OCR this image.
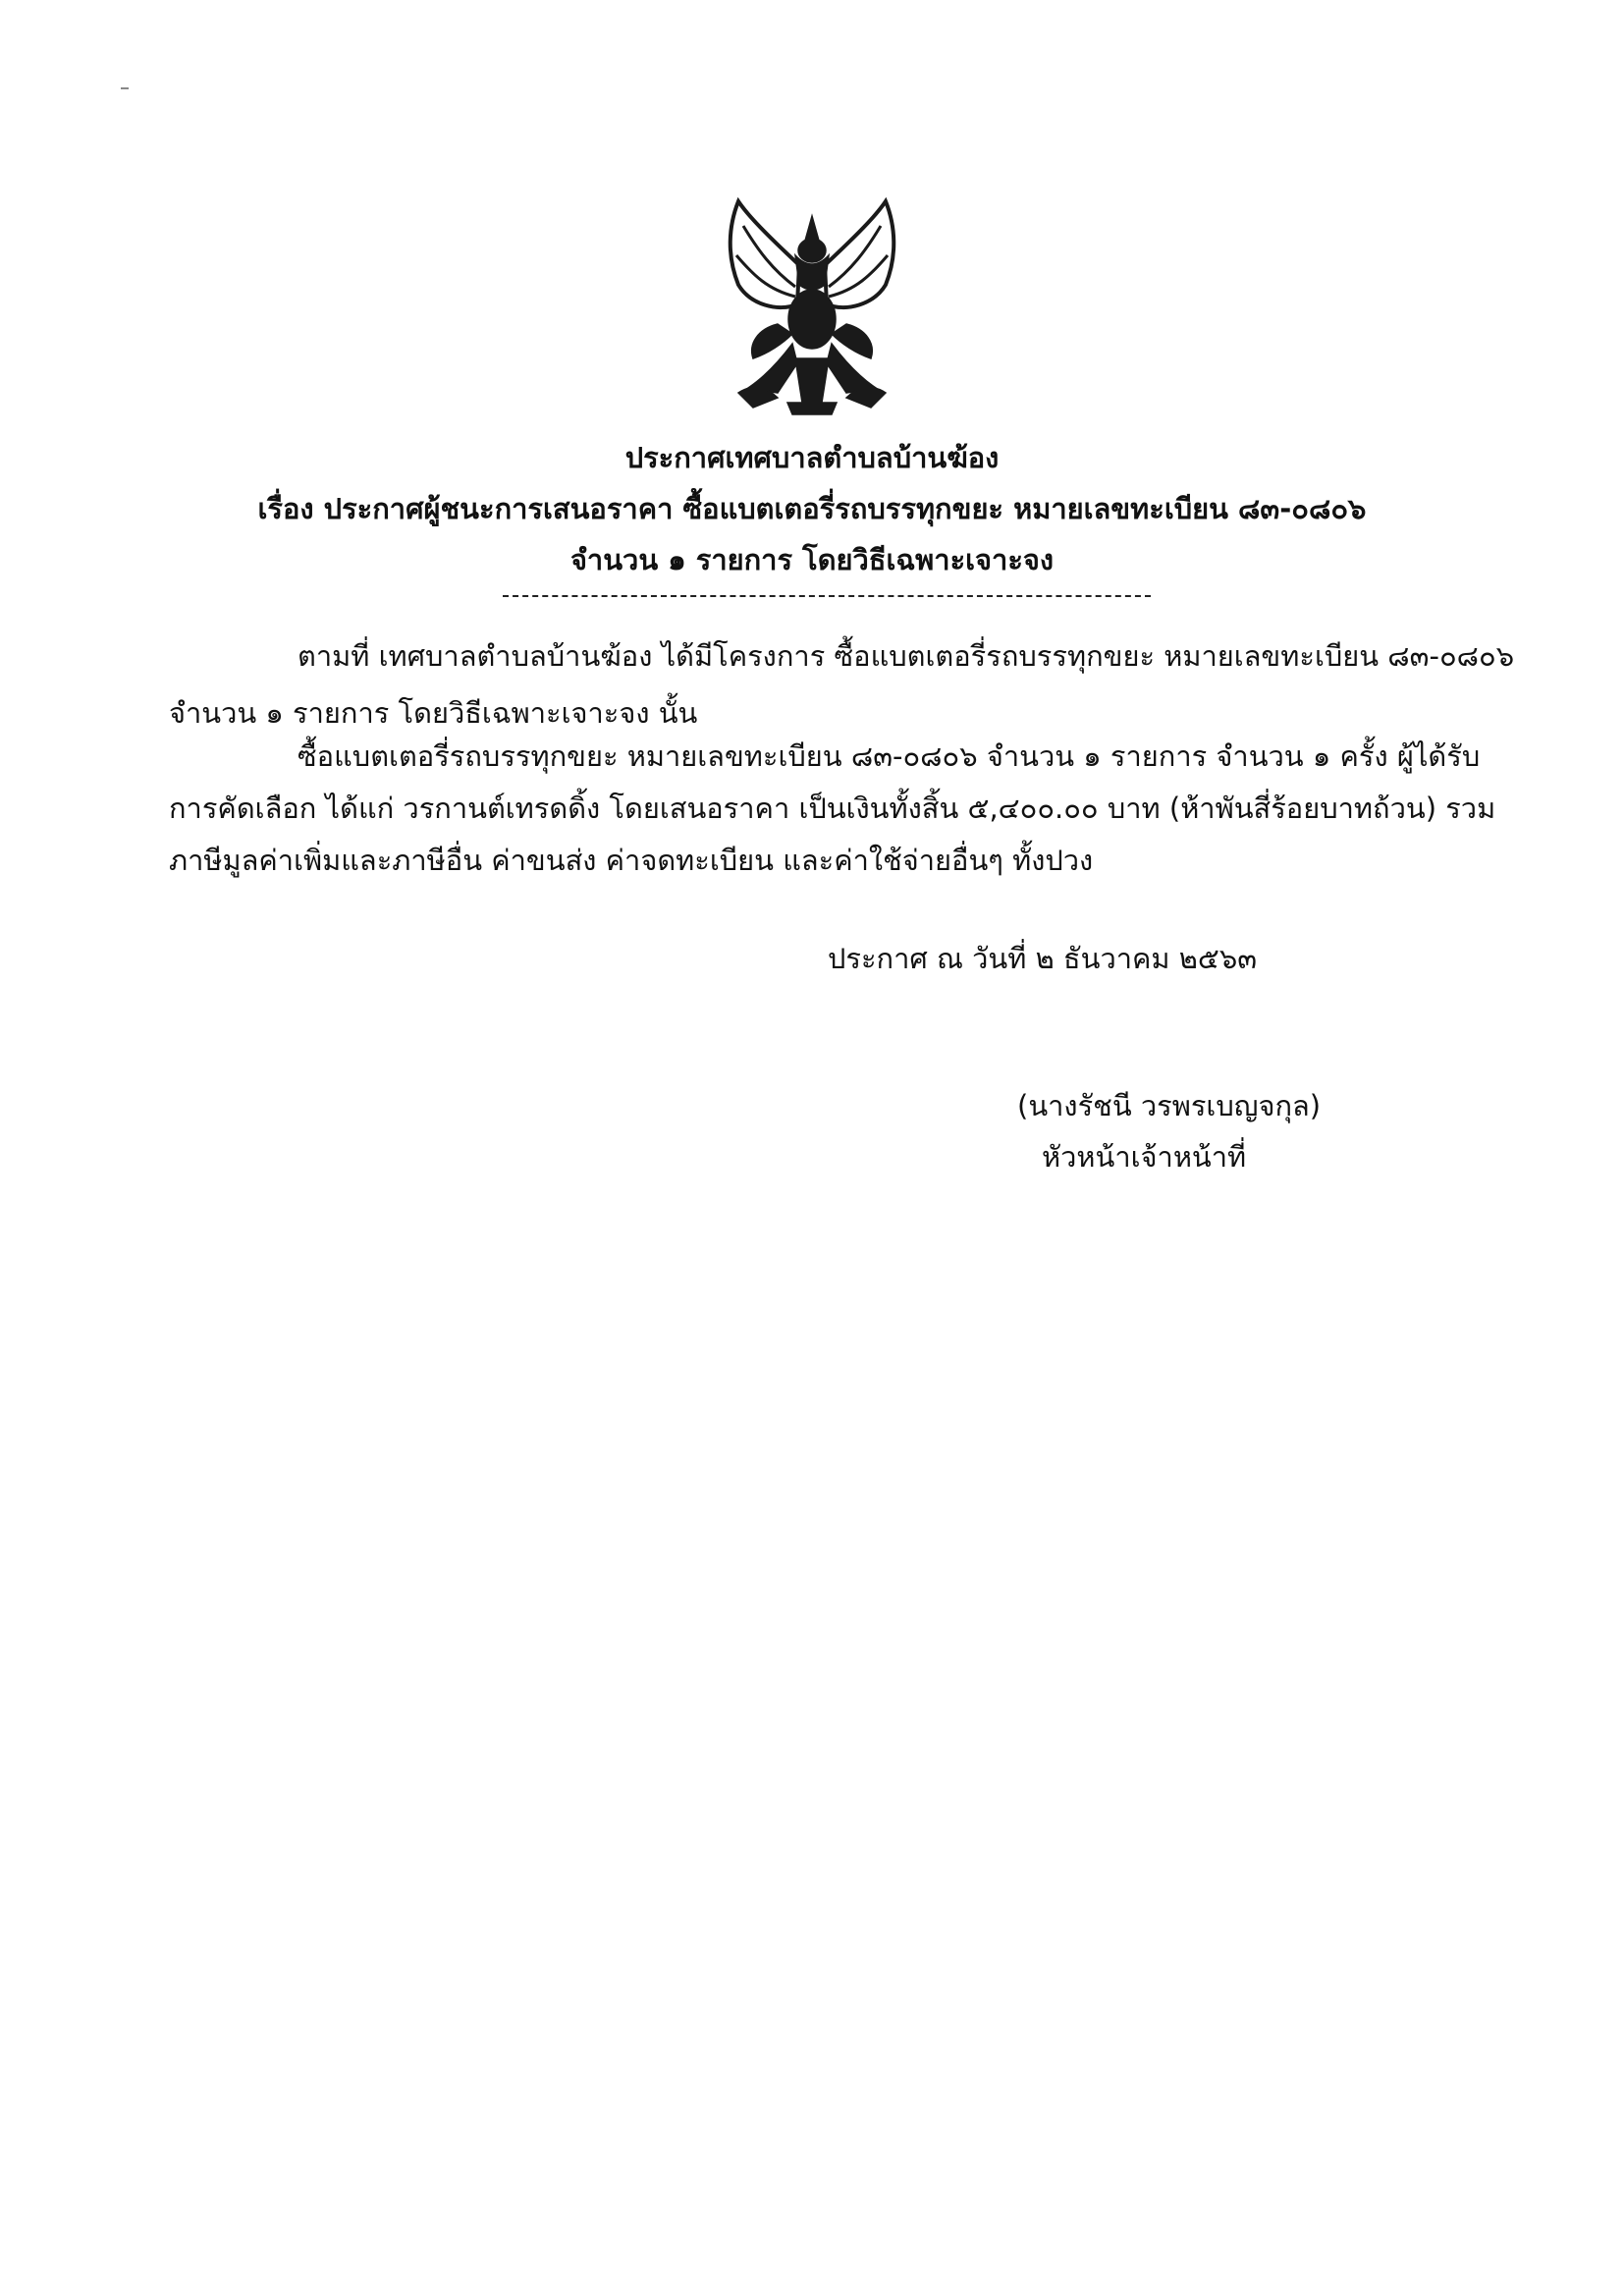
ประกาศเทศบาลตำบลบ้านฆ้อง
เรื่อง ประกาศผู้ชนะการเสนอราคา ซื้อแบตเตอรี่รถบรรทุกขยะ หมายเลขทะเบียน ๘๓-๐๘๐๖
จำนวน ๑ รายการ โดยวิธีเฉพาะเจาะจง
ตามที่ เทศบาลตำบลบ้านฆ้อง ได้มีโครงการ ซื้อแบตเตอรี่รถบรรทุกขยะ หมายเลขทะเบียน ๘๓-๐๘๐๖
จำนวน ๑ รายการ โดยวิธีเฉพาะเจาะจง นั้น
ซื้อแบตเตอรี่รถบรรทุกขยะ หมายเลขทะเบียน ๘๓-๐๘๐๖ จำนวน ๑ รายการ จำนวน ๑ ครั้ง ผู้ได้รับ
การคัดเลือก ได้แก่ วรกานต์เทรดดิ้ง โดยเสนอราคา เป็นเงินทั้งสิ้น ๕,๔๐๐.๐๐ บาท (ห้าพันสี่ร้อยบาทถ้วน) รวม
ภาษีมูลค่าเพิ่มและภาษีอื่น ค่าขนส่ง ค่าจดทะเบียน และค่าใช้จ่ายอื่นๆ ทั้งปวง
ประกาศ ณ วันที่ ๒ ธันวาคม ๒๕๖๓
(นางรัชนี วรพรเบญจกุล)
หัวหน้าเจ้าหน้าที่
